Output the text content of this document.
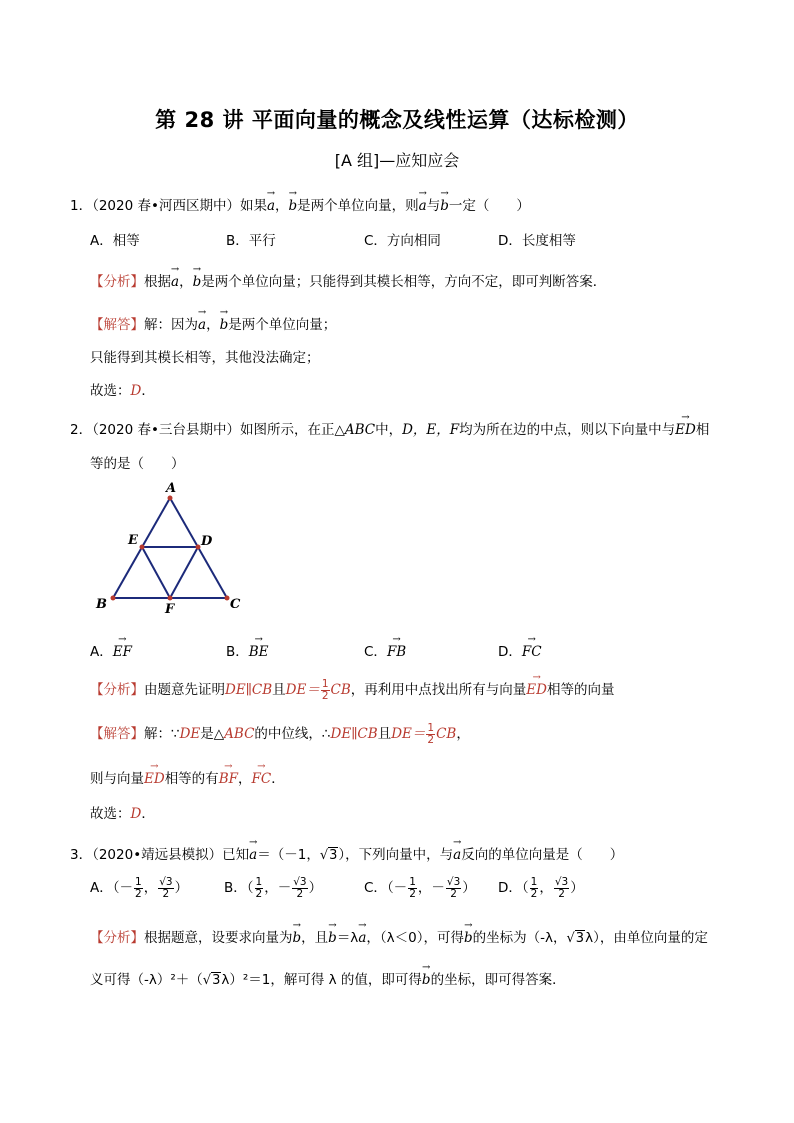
第 28 讲 平面向量的概念及线性运算（达标检测）
[A 组]—应知应会
1．（2020 春•河西区期中）如果→ a，→ b是两个单位向量，则→ a与→ b一定（　　）
A．相等	B．平行	C．方向相同	D．长度相等
【分析】根据→ a，→ b是两个单位向量；只能得到其模长相等，方向不定，即可判断答案．
【解答】解：因为→ a，→ b是两个单位向量；
只能得到其模长相等，其他没法确定；
故选：D．
2．（2020 春•三台县期中）如图所示，在正△ABC中，D，E，F均为所在边的中点，则以下向量中与→ ED相
等的是（　　）
A
B	C
D
E
F
A．→ EF	B．→ BE	C．→ FB	D．→ FC
【分析】由题意先证明DE∥CB且$DE= \frac{1}{2}$ CB，再利用中点找出所有与向量→ ED相等的向量
【解答】解：∵DE是△ABC的中位线，∴DE∥CB且$DE= \frac{1}{2}$ CB，
则与向量→ ED相等的有→ BF，→ FC．
故选：D．
3．（2020•靖远县模拟）已知→ a＝（－1，√3），下列向量中，与→ a反向的单位向量是（　　）
A．（－ $\frac{1}{2}$ ， $\frac{√3}{2}$ ）	B．（ $\frac{1}{2}$ ，－ $\frac{√3}{2}$ ）	C．（－ $\frac{1}{2}$ ，－ $\frac{√3}{2}$ ） D．（ $\frac{1}{2}$ ， $\frac{√3}{2}$ ）
【分析】根据题意，设要求向量为→ b，且→ b＝λ→ a，（λ＜0），可得→ b的坐标为（-λ，√3λ），由单位向量的定
义可得（-λ）²＋（√3λ）²＝1，解可得 λ 的值，即可得→ b的坐标，即可得答案．
